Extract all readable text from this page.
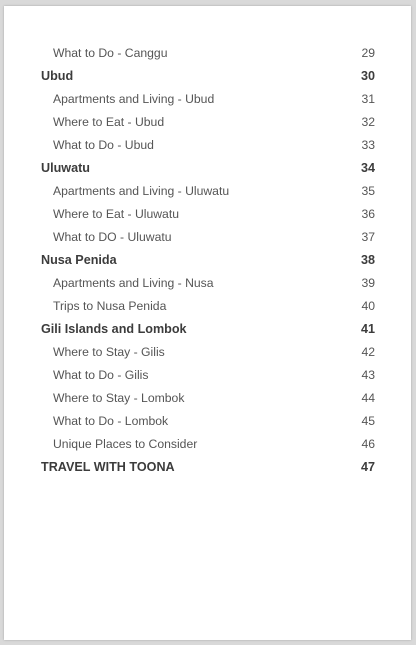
What to Do - Canggu	29
Ubud	30
Apartments and Living - Ubud	31
Where to Eat - Ubud	32
What to Do - Ubud	33
Uluwatu	34
Apartments and Living - Uluwatu	35
Where to Eat - Uluwatu	36
What to DO - Uluwatu	37
Nusa Penida	38
Apartments and Living - Nusa	39
Trips to Nusa Penida	40
Gili Islands and Lombok	41
Where to Stay - Gilis	42
What to Do - Gilis	43
Where to Stay - Lombok	44
What to Do - Lombok	45
Unique Places to Consider	46
TRAVEL WITH TOONA	47
